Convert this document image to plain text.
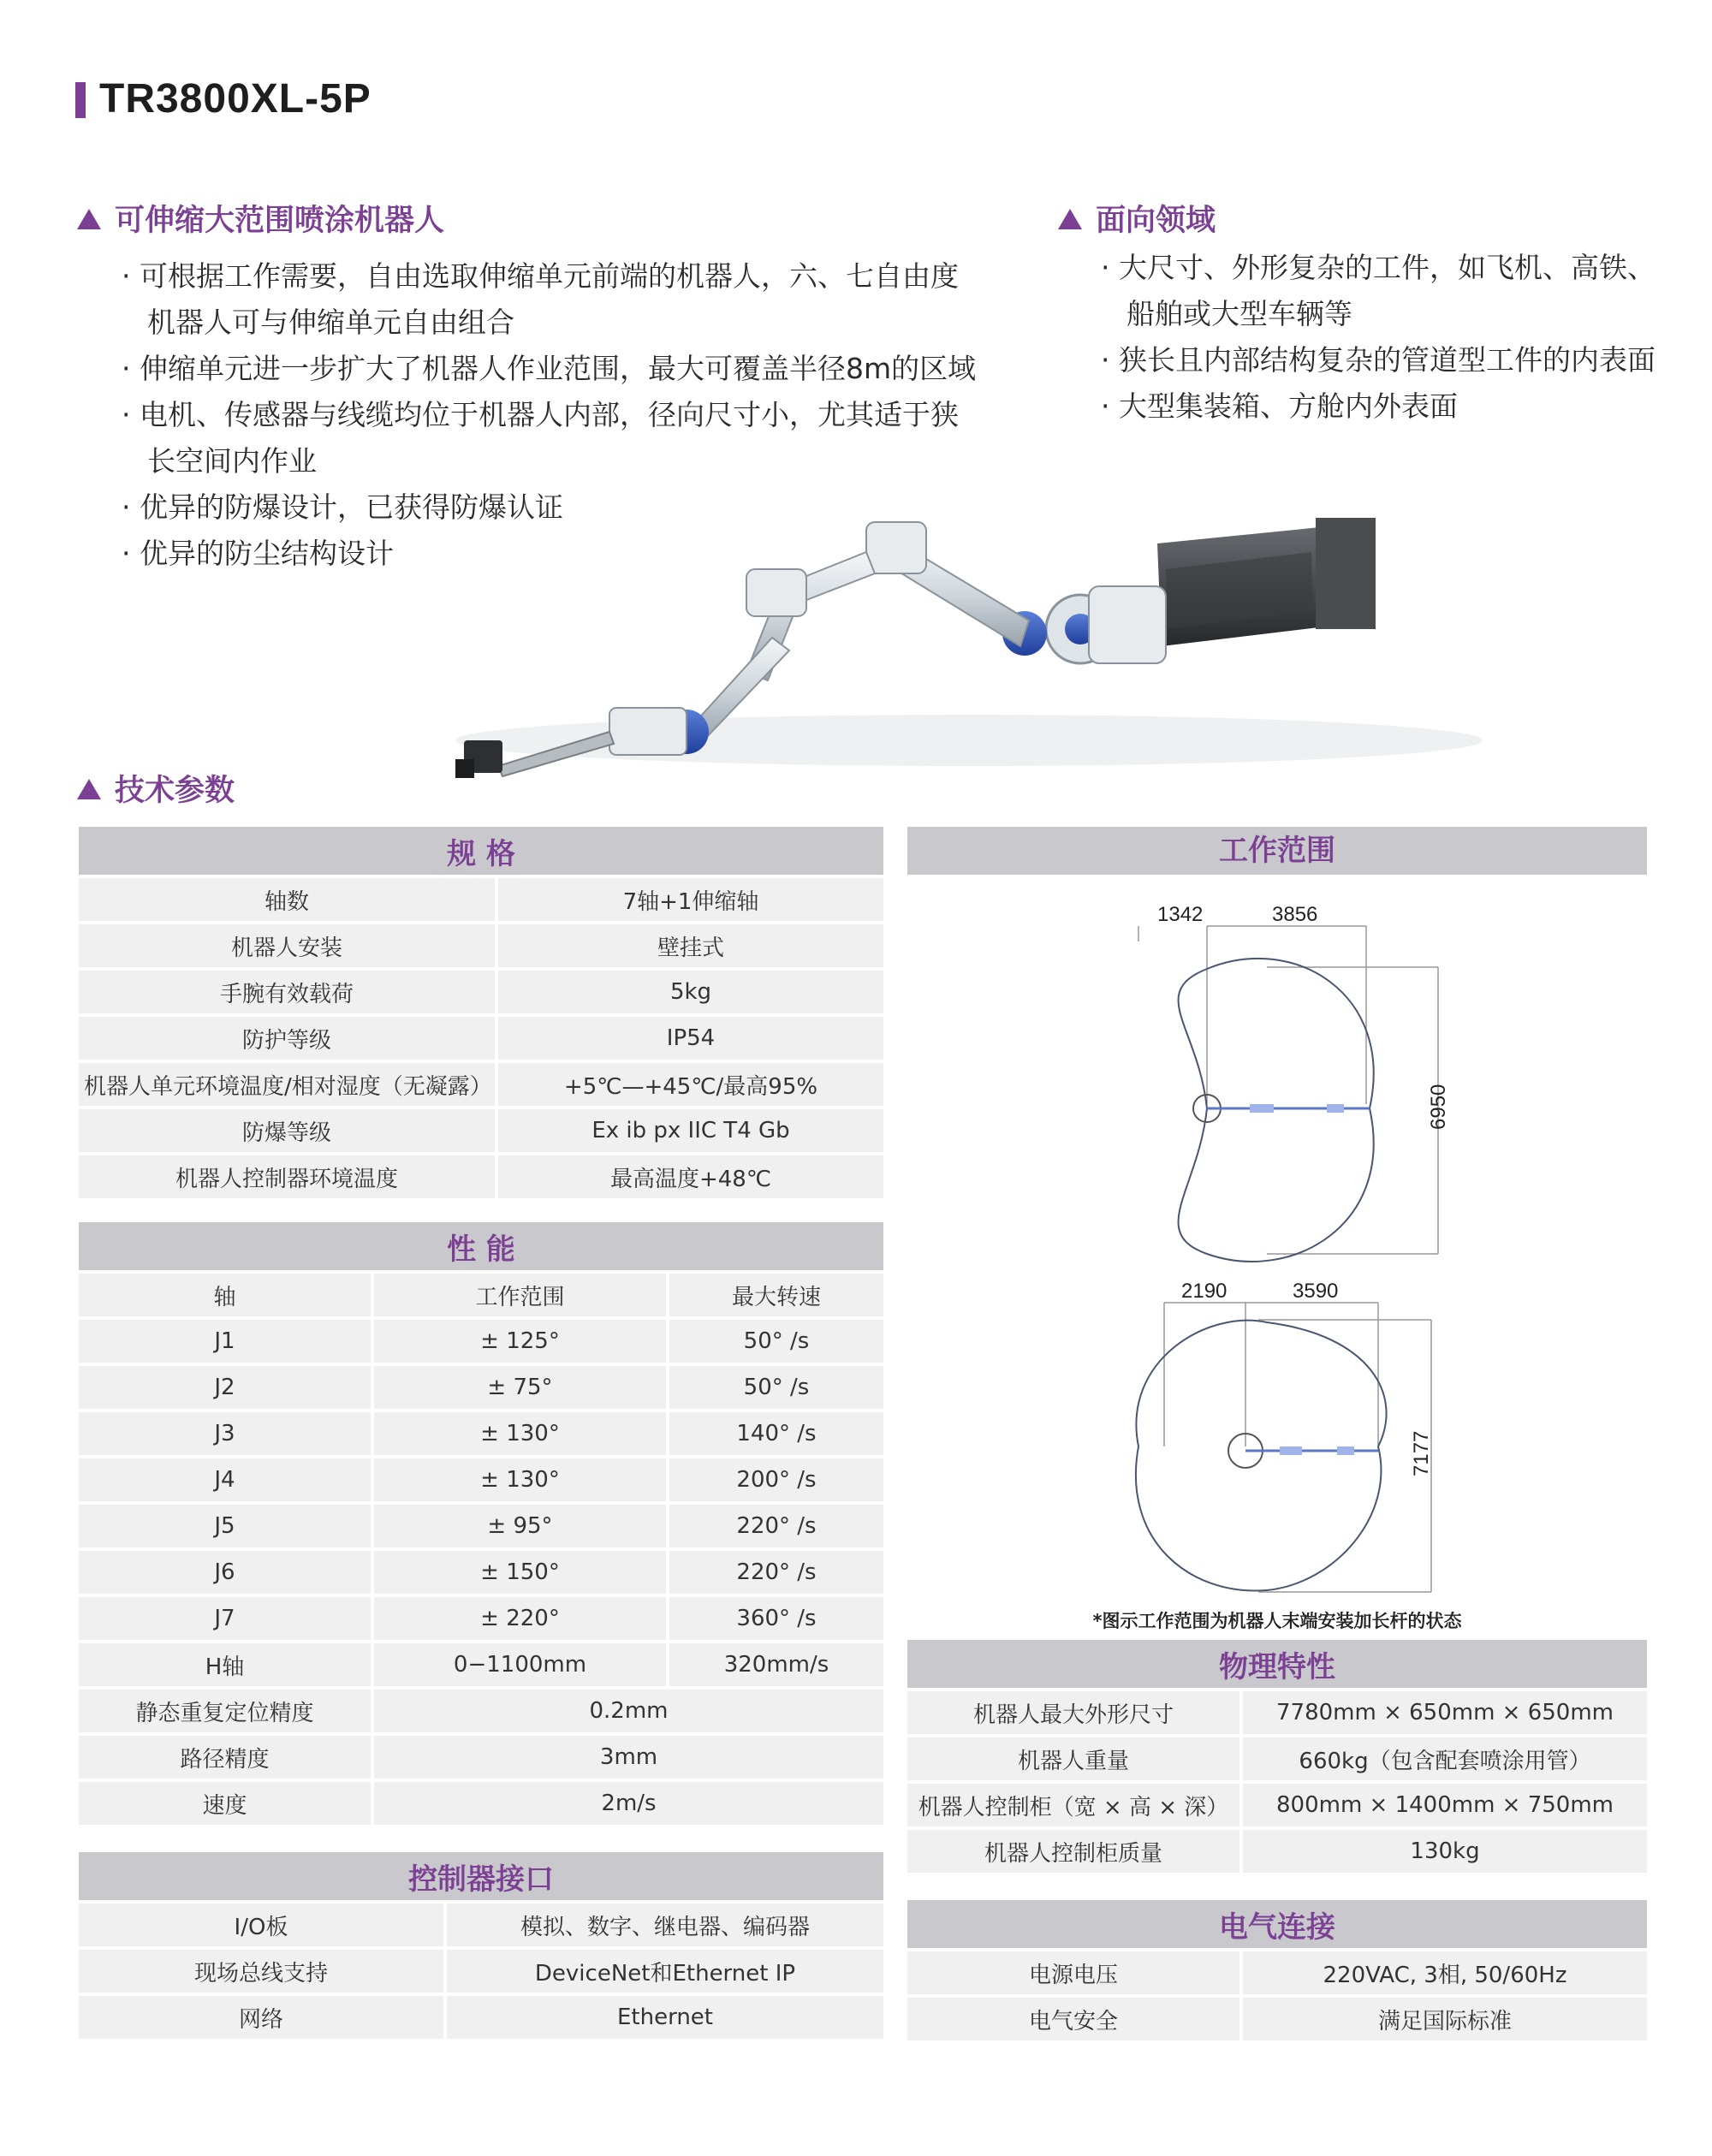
TR3800XL-5P
可伸缩大范围喷涂机器人
· 可根据工作需要，自由选取伸缩单元前端的机器人，六、七自由度机器人可与伸缩单元自由组合
· 伸缩单元进一步扩大了机器人作业范围，最大可覆盖半径8m的区域
· 电机、传感器与线缆均位于机器人内部，径向尺寸小，尤其适于狭长空间内作业
· 优异的防爆设计，已获得防爆认证
· 优异的防尘结构设计
面向领域
· 大尺寸、外形复杂的工件，如飞机、高铁、船舶或大型车辆等
· 狭长且内部结构复杂的管道型工件的内表面
· 大型集装箱、方舱内外表面
技术参数
规 格	
轴数	7轴+1伸缩轴
机器人安装	壁挂式
手腕有效载荷	5kg
防护等级	IP54
机器人单元环境温度/相对湿度（无凝露）	+5℃—+45℃/最高95%
防爆等级	Ex ib px IIC T4 Gb
机器人控制器环境温度	最高温度+48℃
性 能		
轴	工作范围	最大转速
J1	± 125°	50° /s
J2	± 75°	50° /s
J3	± 130°	140° /s
J4	± 130°	200° /s
J5	± 95°	220° /s
J6	± 150°	220° /s
J7	± 220°	360° /s
H轴	0−1100mm	320mm/s
静态重复定位精度	0.2mm	
路径精度	3mm	
速度	2m/s	
控制器接口	
I/O板	模拟、数字、继电器、编码器
现场总线支持	DeviceNet和Ethernet IP
网络	Ethernet
工作范围
1342	3856
6950
2190	3590
7177
*图示工作范围为机器人末端安装加长杆的状态
物理特性	
机器人最大外形尺寸	7780mm × 650mm × 650mm
机器人重量	660kg（包含配套喷涂用管）
机器人控制柜（宽 × 高 × 深）	800mm × 1400mm × 750mm
机器人控制柜质量	130kg
电气连接	
电源电压	220VAC, 3相, 50/60Hz
电气安全	满足国际标准
